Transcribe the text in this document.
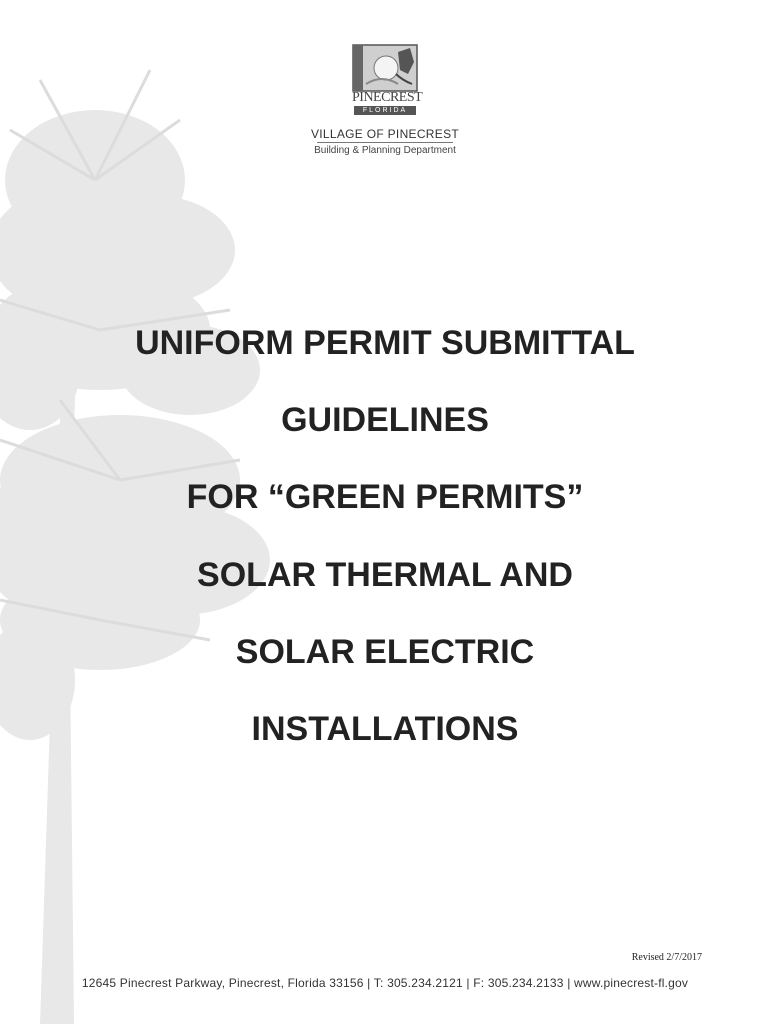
PINECREST
FLORIDA
VILLAGE OF PINECREST
Building & Planning Department
UNIFORM PERMIT SUBMITTAL
GUIDELINES
FOR “GREEN PERMITS”
SOLAR THERMAL AND
SOLAR ELECTRIC
INSTALLATIONS
Revised 2/7/2017
12645 Pinecrest Parkway, Pinecrest, Florida 33156 | T: 305.234.2121 | F: 305.234.2133 | www.pinecrest-fl.gov
